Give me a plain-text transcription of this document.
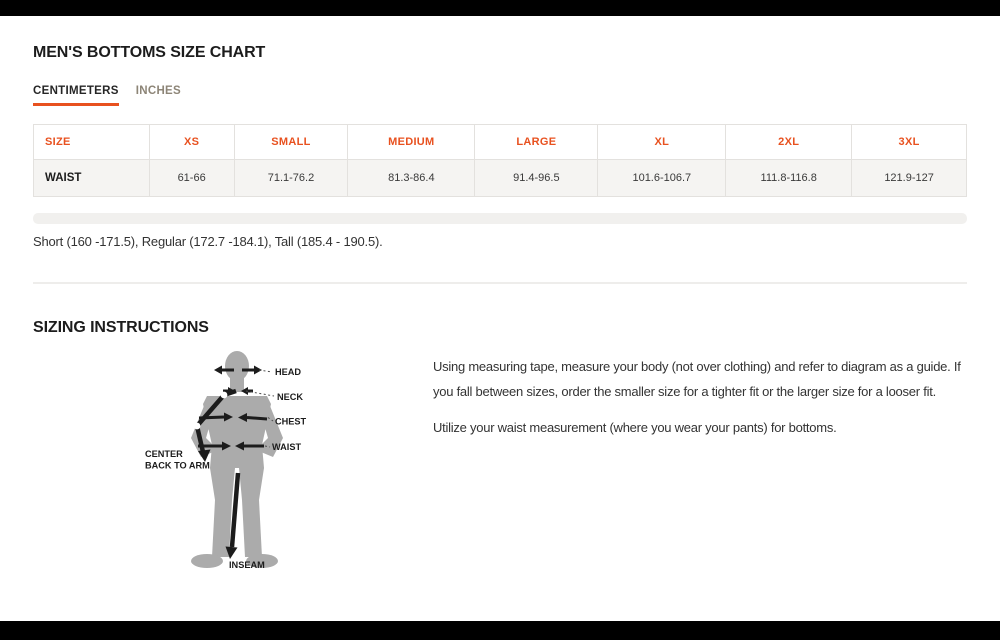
MEN'S BOTTOMS SIZE CHART
CENTIMETERS INCHES
SIZE	XS	SMALL	MEDIUM	LARGE	XL	2XL	3XL
WAIST	61-66	71.1-76.2	81.3-86.4	91.4-96.5	101.6-106.7	111.8-116.8	121.9-127

Short (160 -171.5), Regular (172.7 -184.1), Tall (185.4 - 190.5).

SIZING INSTRUCTIONS
HEAD
NECK
CHEST
WAIST
CENTER
BACK TO ARM
INSEAM

Using measuring tape, measure your body (not over clothing) and refer to diagram as a guide. If you fall between sizes, order the smaller size for a tighter fit or the larger size for a looser fit.

Utilize your waist measurement (where you wear your pants) for bottoms.
